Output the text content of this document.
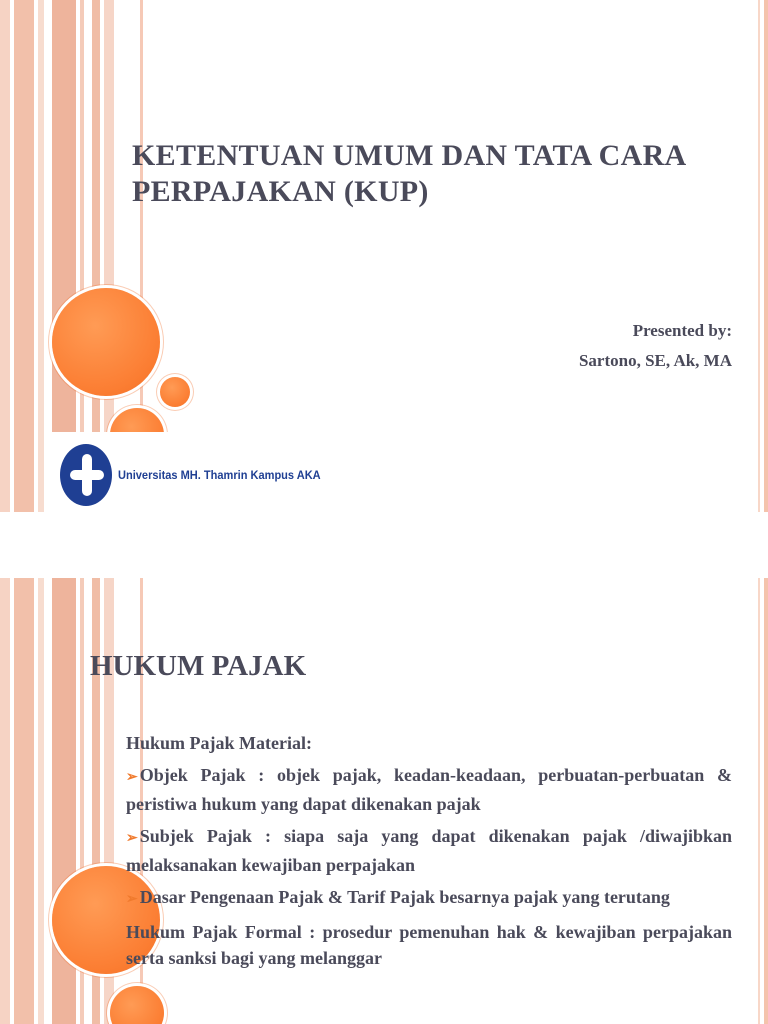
KETENTUAN UMUM DAN TATA CARA
PERPAJAKAN (KUP)
Presented by:
Sartono, SE, Ak, MA
Universitas MH. Thamrin Kampus AKA
HUKUM PAJAK

Hukum Pajak Material:

➢ Objek Pajak : objek pajak, keadan-keadaan, perbuatan-perbuatan & peristiwa hukum yang dapat dikenakan pajak

➢ Subjek Pajak : siapa saja yang dapat dikenakan pajak /diwajibkan melaksanakan kewajiban perpajakan

➢ Dasar Pengenaan Pajak & Tarif Pajak besarnya pajak yang terutang

Hukum Pajak Formal : prosedur pemenuhan hak & kewajiban perpajakan serta sanksi bagi yang melanggar
